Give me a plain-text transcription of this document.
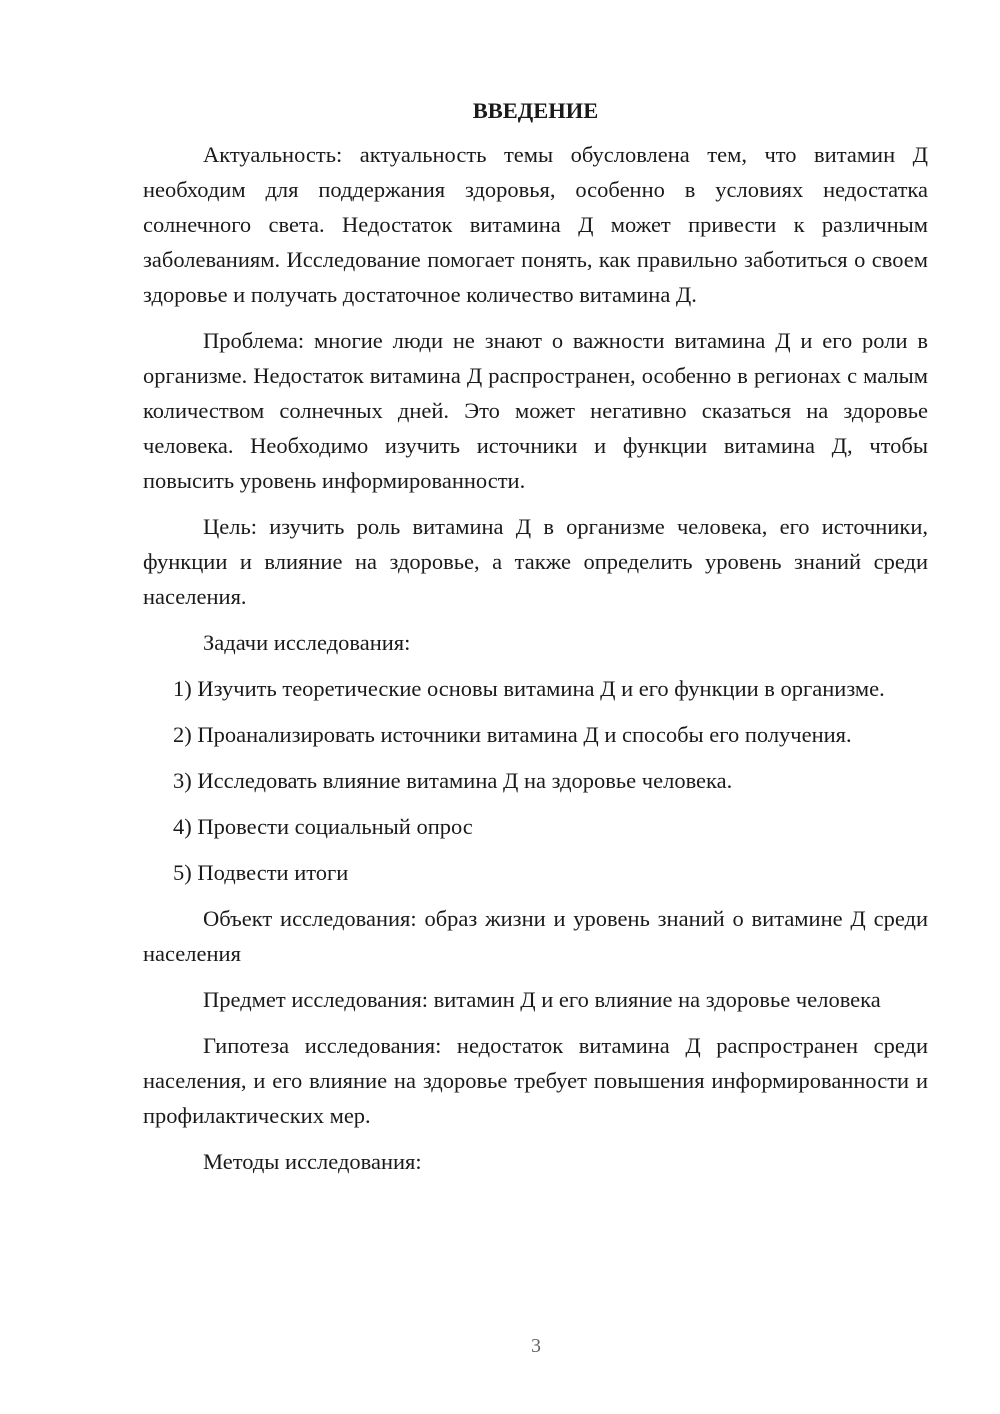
ВВЕДЕНИЕ

Актуальность: актуальность темы обусловлена тем, что витамин Д необходим для поддержания здоровья, особенно в условиях недостатка солнечного света. Недостаток витамина Д может привести к различным заболеваниям. Исследование помогает понять, как правильно заботиться о своем здоровье и получать достаточное количество витамина Д.

Проблема: многие люди не знают о важности витамина Д и его роли в организме. Недостаток витамина Д распространен, особенно в регионах с малым количеством солнечных дней. Это может негативно сказаться на здоровье человека. Необходимо изучить источники и функции витамина Д, чтобы повысить уровень информированности.

Цель: изучить роль витамина Д в организме человека, его источники, функции и влияние на здоровье, а также определить уровень знаний среди населения.

Задачи исследования:

1) Изучить теоретические основы витамина Д и его функции в организме.

2) Проанализировать источники витамина Д и способы его получения.

3) Исследовать влияние витамина Д на здоровье человека.

4) Провести социальный опрос

5) Подвести итоги

Объект исследования: образ жизни и уровень знаний о витамине Д среди населения

Предмет исследования: витамин Д и его влияние на здоровье человека

Гипотеза исследования: недостаток витамина Д распространен среди населения, и его влияние на здоровье требует повышения информированности и профилактических мер.

Методы исследования:

3
